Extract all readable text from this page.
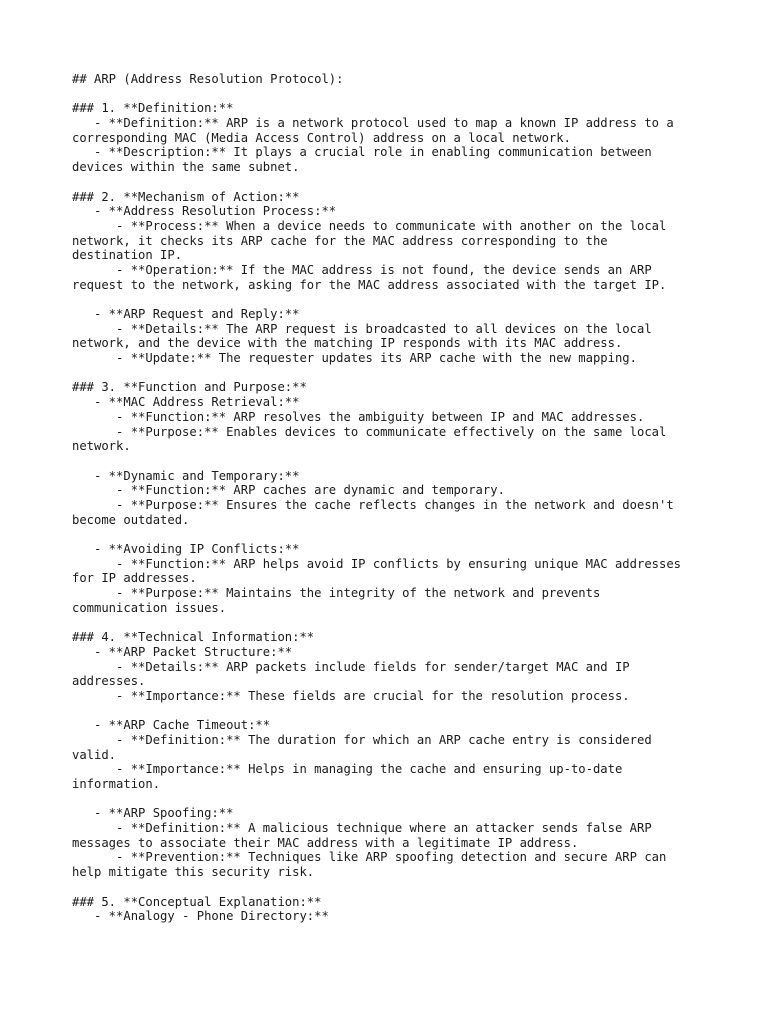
## ARP (Address Resolution Protocol):
### 1. **Definition:**
- **Definition:** ARP is a network protocol used to map a known IP address to a
corresponding MAC (Media Access Control) address on a local network.
- **Description:** It plays a crucial role in enabling communication between
devices within the same subnet.
### 2. **Mechanism of Action:**
- **Address Resolution Process:**
- **Process:** When a device needs to communicate with another on the local
network, it checks its ARP cache for the MAC address corresponding to the
destination IP.
- **Operation:** If the MAC address is not found, the device sends an ARP
request to the network, asking for the MAC address associated with the target IP.
- **ARP Request and Reply:**
- **Details:** The ARP request is broadcasted to all devices on the local
network, and the device with the matching IP responds with its MAC address.
- **Update:** The requester updates its ARP cache with the new mapping.
### 3. **Function and Purpose:**
- **MAC Address Retrieval:**
- **Function:** ARP resolves the ambiguity between IP and MAC addresses.
- **Purpose:** Enables devices to communicate effectively on the same local
network.
- **Dynamic and Temporary:**
- **Function:** ARP caches are dynamic and temporary.
- **Purpose:** Ensures the cache reflects changes in the network and doesn't
become outdated.
- **Avoiding IP Conflicts:**
- **Function:** ARP helps avoid IP conflicts by ensuring unique MAC addresses
for IP addresses.
- **Purpose:** Maintains the integrity of the network and prevents
communication issues.
### 4. **Technical Information:**
- **ARP Packet Structure:**
- **Details:** ARP packets include fields for sender/target MAC and IP
addresses.
- **Importance:** These fields are crucial for the resolution process.
- **ARP Cache Timeout:**
- **Definition:** The duration for which an ARP cache entry is considered
valid.
- **Importance:** Helps in managing the cache and ensuring up-to-date
information.
- **ARP Spoofing:**
- **Definition:** A malicious technique where an attacker sends false ARP
messages to associate their MAC address with a legitimate IP address.
- **Prevention:** Techniques like ARP spoofing detection and secure ARP can
help mitigate this security risk.
### 5. **Conceptual Explanation:**
- **Analogy - Phone Directory:**
